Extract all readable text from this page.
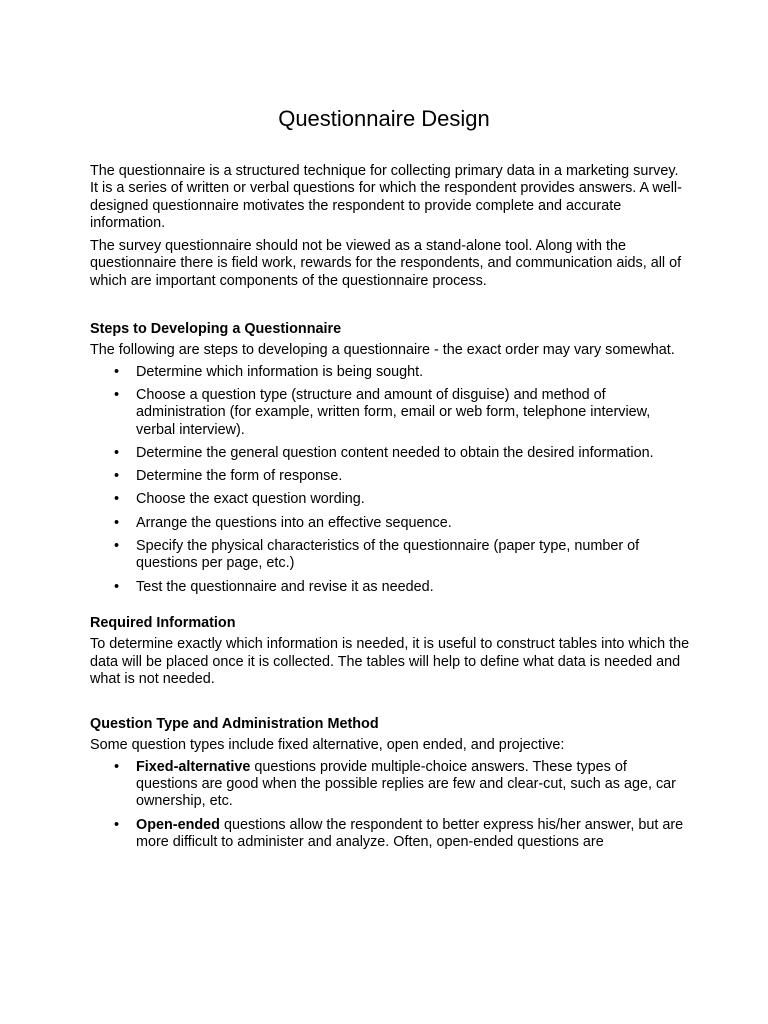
Questionnaire Design

The questionnaire is a structured technique for collecting primary data in a marketing survey. It is a series of written or verbal questions for which the respondent provides answers. A well-designed questionnaire motivates the respondent to provide complete and accurate information.

The survey questionnaire should not be viewed as a stand-alone tool. Along with the questionnaire there is field work, rewards for the respondents, and communication aids, all of which are important components of the questionnaire process.

Steps to Developing a Questionnaire

The following are steps to developing a questionnaire - the exact order may vary somewhat.

• Determine which information is being sought.
• Choose a question type (structure and amount of disguise) and method of administration (for example, written form, email or web form, telephone interview, verbal interview).
• Determine the general question content needed to obtain the desired information.
• Determine the form of response.
• Choose the exact question wording.
• Arrange the questions into an effective sequence.
• Specify the physical characteristics of the questionnaire (paper type, number of questions per page, etc.)
• Test the questionnaire and revise it as needed.
Required Information

To determine exactly which information is needed, it is useful to construct tables into which the data will be placed once it is collected. The tables will help to define what data is needed and what is not needed.

Question Type and Administration Method

Some question types include fixed alternative, open ended, and projective:

• Fixed-alternative questions provide multiple-choice answers. These types of questions are good when the possible replies are few and clear-cut, such as age, car ownership, etc.
• Open-ended questions allow the respondent to better express his/her answer, but are more difficult to administer and analyze. Often, open-ended questions are
